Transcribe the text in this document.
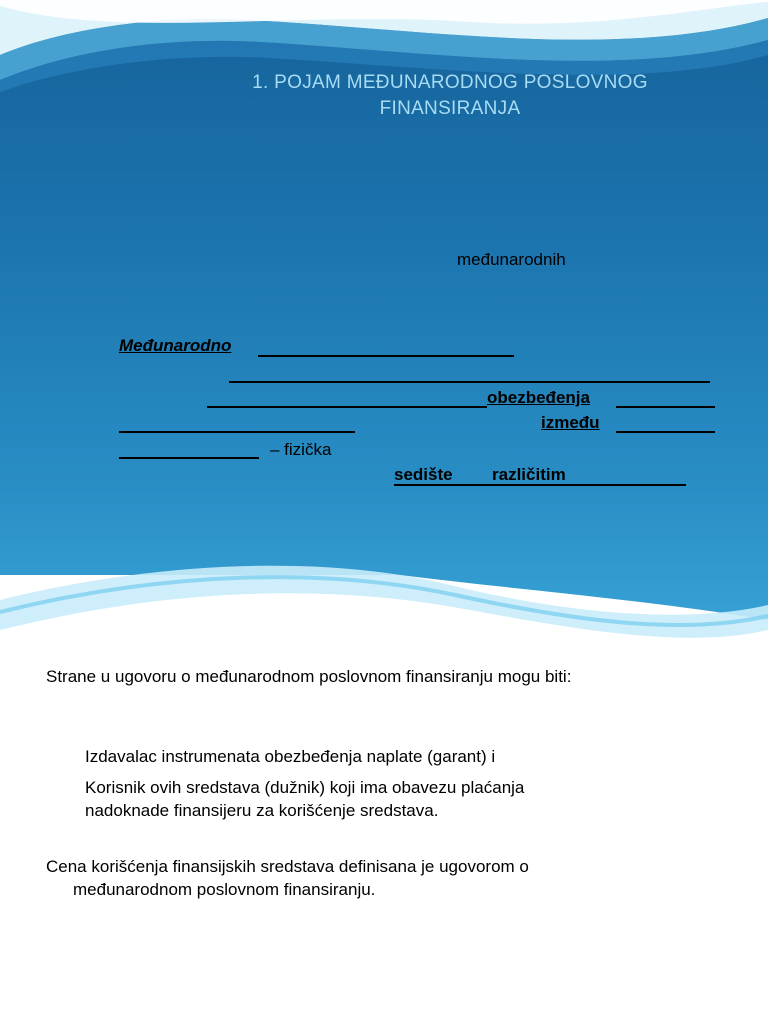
1. POJAM MEĐUNARODNOG POSLOVNOG
FINANSIRANJA
međunarodnih
Međunarodno
obezbeđenja
između
– fizička
sedište različitim
Strane u ugovoru o međunarodnom poslovnom finansiranju mogu biti:
Izdavalac instrumenata obezbeđenja naplate (garant) i
Korisnik ovih sredstava (dužnik) koji ima obavezu plaćanja
nadoknade finansijeru za korišćenje sredstava.
Cena korišćenja finansijskih sredstava definisana je ugovorom o
međunarodnom poslovnom finansiranju.
